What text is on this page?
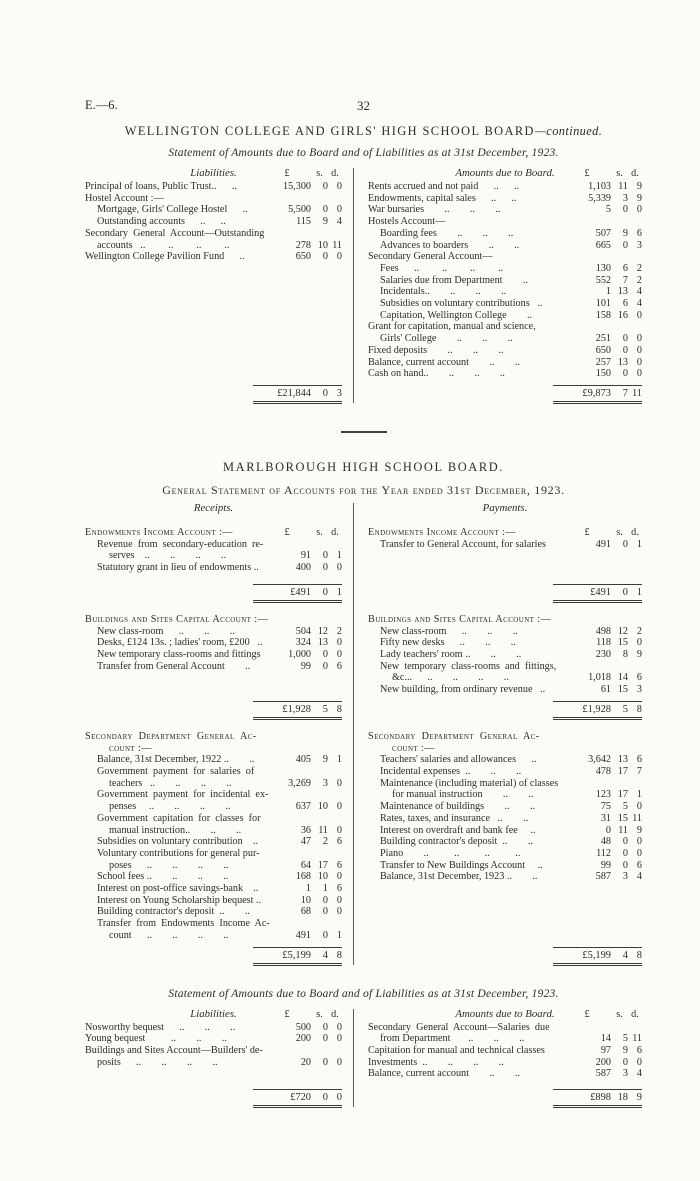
E.—6.	32
WELLINGTON COLLEGE AND GIRLS' HIGH SCHOOL BOARD—continued.
Statement of Amounts due to Board and of Liabilities as at 31st December, 1923.
Liabilities.	£	s. d.
Principal of loans, Public Trust..      ..	15,300	0 0
Hostel Account :—
Mortgage, Girls' College Hostel      ..	5,500	0 0
Outstanding accounts      ..      ..	115	9 4
Secondary  General  Account—Outstanding
accounts   ..         ..         ..         ..	278 10 11
Wellington College Pavilion Fund      ..	650	0 0
£21,844	0 3
Amounts due to Board.	£	s. d.
Rents accrued and not paid      ..      ..	1,103 11 9
Endowments, capital sales      ..      ..	5,339	3 9
War bursaries        ..        ..        ..	5	0 0
Hostels Account—
Boarding fees        ..        ..        ..	507	9 6
Advances to boarders        ..        ..	665	0 3
Secondary General Account—
Fees      ..         ..         ..         ..	130	6 2
Salaries due from Department        ..	552	7 2
Incidentals..        ..        ..        ..	1 13 4
Subsidies on voluntary contributions   ..	101	6 4
Capitation, Wellington College        ..	158 16 0
Grant for capitation, manual and science,
Girls' College        ..        ..        ..	251	0 0
Fixed deposits        ..        ..        ..	650	0 0
Balance, current account        ..        ..	257 13 0
Cash on hand..        ..        ..        ..	150	0 0
£9,873	7 11
MARLBOROUGH HIGH SCHOOL BOARD.
General Statement of Accounts for the Year ended 31st December, 1923.
Receipts.	Payments.
Endowments Income Account :—	£	s. d.
Revenue  from  secondary-education  re-
serves    ..        ..        ..        ..	91	0 1
Statutory grant in lieu of endowments ..	400	0 0
£491	0 1
Endowments Income Account :—	£	s. d.
Transfer to General Account, for salaries	491	0 1
£491	0 1
Buildings and Sites Capital Account :—
New class-room      ..        ..        ..	504 12 2
Desks, £124 13s. ; ladies' room, £200   ..	324 13 0
New temporary class-rooms and fittings	1,000	0 0
Transfer from General Account        ..	99	0 6
£1,928	5 8
Buildings and Sites Capital Account :—
New class-room      ..        ..        ..	498 12 2
Fifty new desks      ..        ..        ..	118 15 0
Lady teachers' room ..        ..        ..	230	8 9
New  temporary  class-rooms  and  fittings,
&c...      ..        ..        ..        ..	1,018 14 6
New building, from ordinary revenue   ..	61 15 3
£1,928	5 8
Secondary  Department  General  Ac-
count :—
Balance, 31st December, 1922 ..        ..	405	9 1
Government  payment  for  salaries  of
teachers   ..        ..        ..        ..	3,269	3 0
Government  payment  for  incidental  ex-
penses     ..        ..        ..        ..	637 10 0
Government  capitation  for  classes  for
manual instruction..        ..        ..	36 11 0
Subsidies on voluntary contribution    ..	47	2 6
Voluntary contributions for general pur-
poses      ..        ..        ..        ..	64 17 6
School fees ..        ..        ..        ..	168 10 0
Interest on post-office savings-bank    ..	1	1 6
Interest on Young Scholarship bequest ..	10	0 0
Building contractor's deposit  ..        ..	68	0 0
Transfer  from  Endowments  Income  Ac-
count      ..        ..        ..        ..	491	0 1
£5,199	4 8
Secondary  Department  General  Ac-
count :—
Teachers' salaries and allowances      ..	3,642 13 6
Incidental expenses  ..        ..        ..	478 17 7
Maintenance (including material) of classes
for manual instruction        ..        ..	123 17 1
Maintenance of buildings        ..        ..	75	5 0
Rates, taxes, and insurance   ..        ..	31 15 11
Interest on overdraft and bank fee     ..	0 11 9
Building contractor's deposit  ..        ..	48	0 0
Piano        ..          ..          ..          ..	112	0 0
Transfer to New Buildings Account     ..	99	0 6
Balance, 31st December, 1923 ..        ..	587	3 4
£5,199	4 8
Statement of Amounts due to Board and of Liabilities as at 31st December, 1923.
Liabilities.	£	s. d.
Nosworthy bequest      ..        ..        ..	500	0 0
Young bequest          ..        ..        ..	200	0 0
Buildings and Sites Account—Builders' de-
posits      ..        ..        ..        ..	20	0 0
£720	0 0
Amounts due to Board.	£	s. d.
Secondary  General  Account—Salaries  due
from Department       ..        ..        ..	14	5 11
Capitation for manual and technical classes	97	9 6
Investments  ..        ..        ..        ..	200	0 0
Balance, current account        ..        ..	587	3 4
£898 18 9
